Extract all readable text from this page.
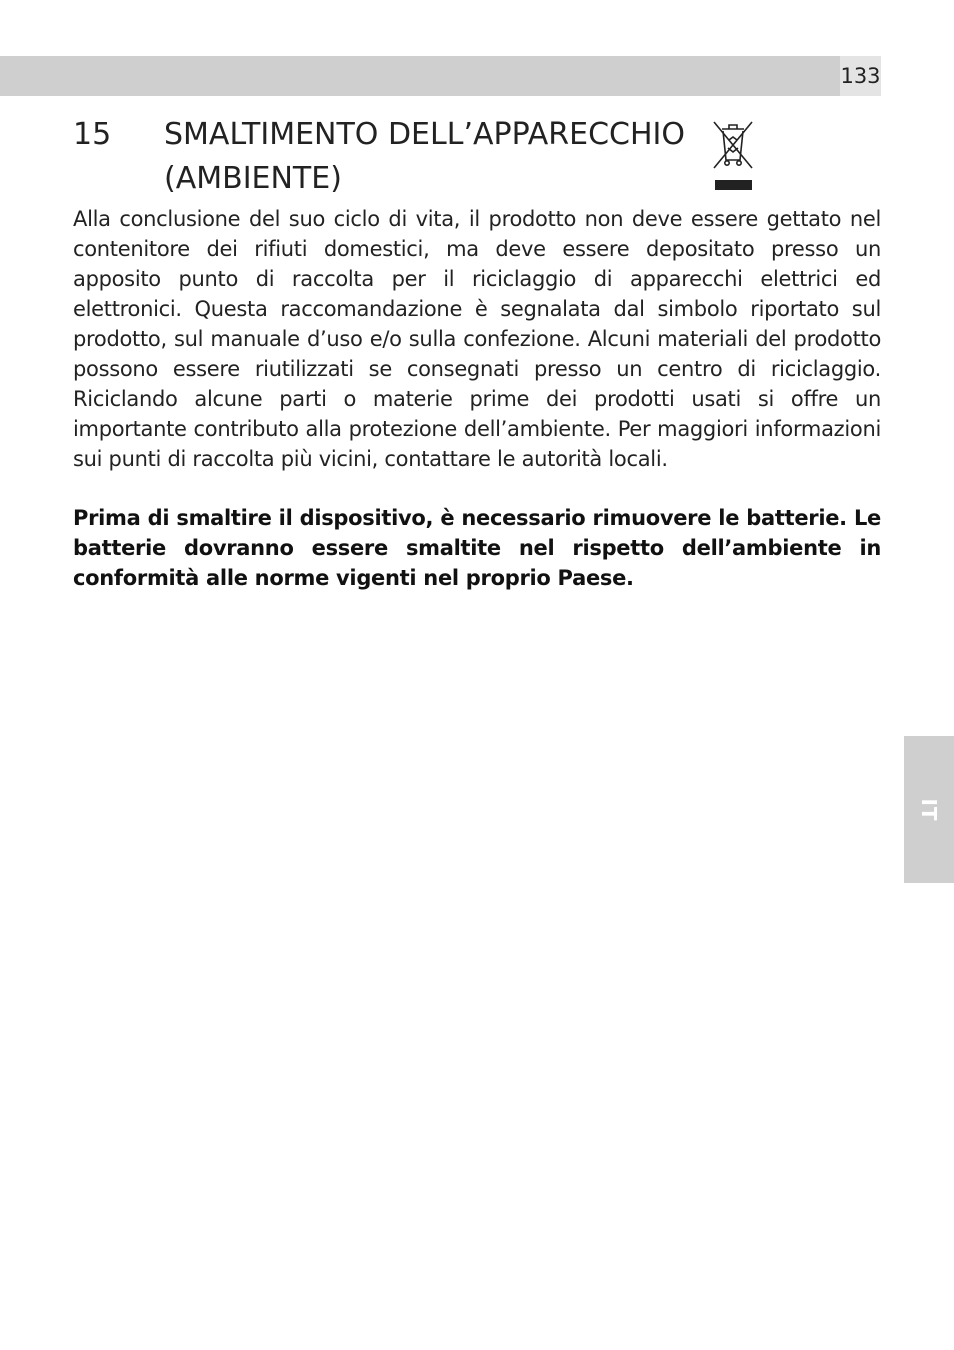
133
15 SMALTIMENTO DELL’APPARECCHIO
(AMBIENTE)

Alla conclusione del suo ciclo di vita, il prodotto non deve essere gettato nel contenitore dei rifiuti domestici, ma deve essere depositato presso un apposito punto di raccolta per il riciclaggio di apparecchi elettrici ed elettronici. Questa raccomandazione è segnalata dal simbolo riportato sul prodotto, sul manuale d’uso e/o sulla confezione. Alcuni materiali del prodotto possono essere riutilizzati se consegnati presso un centro di riciclaggio. Riciclando alcune parti o materie prime dei prodotti usati si offre un importante contributo alla protezione dell’ambiente. Per maggiori informazioni sui punti di raccolta più vicini, contattare le autorità locali.

Prima di smaltire il dispositivo, è necessario rimuovere le batterie. Le batterie dovranno essere smaltite nel rispetto dell’ambiente in conformità alle norme vigenti nel proprio Paese.

IT
